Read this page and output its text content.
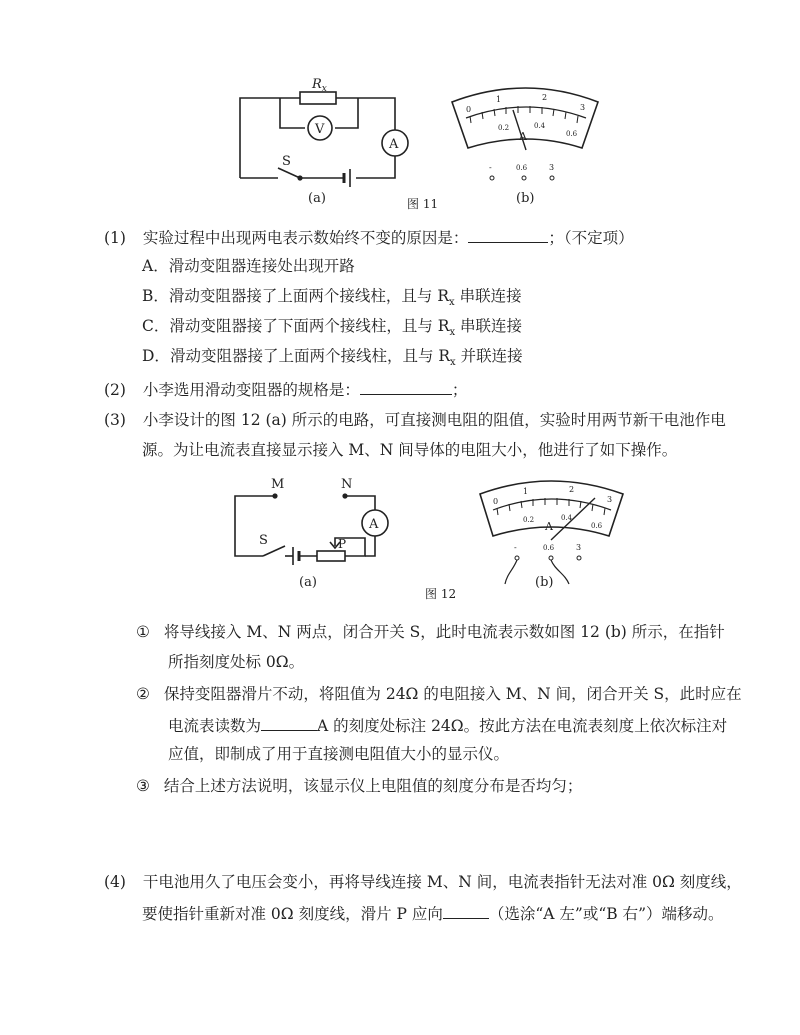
$R_x$
V
A
S
(a)
0
1	2
3
0.2	0.4
0.6
A
-	0.6	3
(b)
图 11
(1) 实验过程中出现两电表示数始终不变的原因是：	；（不定项）
A．滑动变阻器连接处出现开路
B．滑动变阻器接了上面两个接线柱，且与 $R_x$ 串联连接
C．滑动变阻器接了下面两个接线柱，且与 $R_x$ 串联连接
D．滑动变阻器接了上面两个接线柱，且与 $R_x$ 并联连接
(2) 小李选用滑动变阻器的规格是：	；
(3) 小李设计的图 12 (a) 所示的电路，可直接测电阻的阻值，实验时用两节新干电池作电
源。为让电流表直接显示接入 M、N 间导体的电阻大小，他进行了如下操作。
M	N
A
S	P
(a)
0
1	2
3
0.2	0.4
0.6
A
-	0.6	3
(b)
图 12
① 将导线接入 M、N 两点，闭合开关 S，此时电流表示数如图 12 (b) 所示，在指针
所指刻度处标 0Ω。
② 保持变阻器滑片不动，将阻值为 24Ω 的电阻接入 M、N 间，闭合开关 S，此时应在
电流表读数为	A 的刻度处标注 24Ω。按此方法在电流表刻度上依次标注对
应值，即制成了用于直接测电阻值大小的显示仪。
③ 结合上述方法说明，该显示仪上电阻值的刻度分布是否均匀；
(4) 干电池用久了电压会变小，再将导线连接 M、N 间，电流表指针无法对准 0Ω 刻度线，
要使指针重新对准 0Ω 刻度线，滑片 P 应向	（选涂“A 左”或“B 右”）端移动。
